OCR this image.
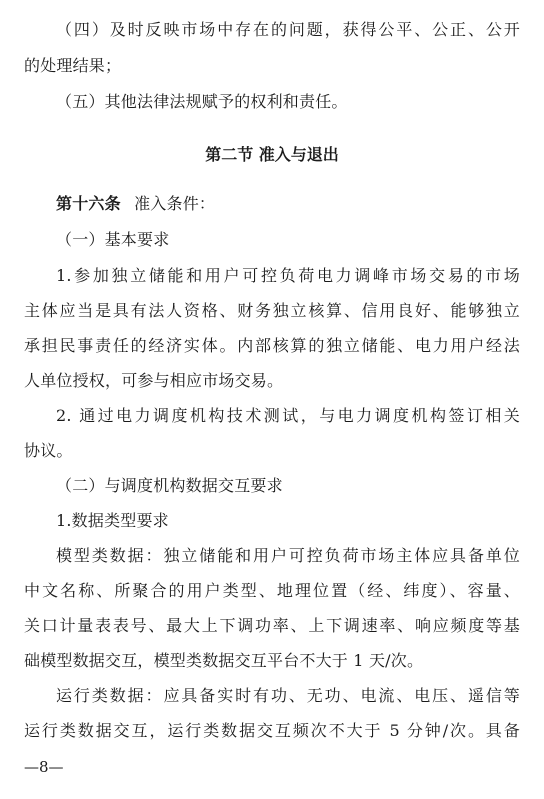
（四）及时反映市场中存在的问题，获得公平、公正、公开
的处理结果；
（五）其他法律法规赋予的权利和责任。
第二节 准入与退出
第十六条 准入条件：
（一）基本要求
1.参加独立储能和用户可控负荷电力调峰市场交易的市场
主体应当是具有法人资格、财务独立核算、信用良好、能够独立
承担民事责任的经济实体。内部核算的独立储能、电力用户经法
人单位授权，可参与相应市场交易。
2. 通过电力调度机构技术测试，与电力调度机构签订相关
协议。
（二）与调度机构数据交互要求
1.数据类型要求
模型类数据：独立储能和用户可控负荷市场主体应具备单位
中文名称、所聚合的用户类型、地理位置（经、纬度）、容量、
关口计量表表号、最大上下调功率、上下调速率、响应频度等基
础模型数据交互，模型类数据交互平台不大于 1 天/次。
运行类数据：应具备实时有功、无功、电流、电压、遥信等
运行类数据交互，运行类数据交互频次不大于 5 分钟/次。具备
—8—
